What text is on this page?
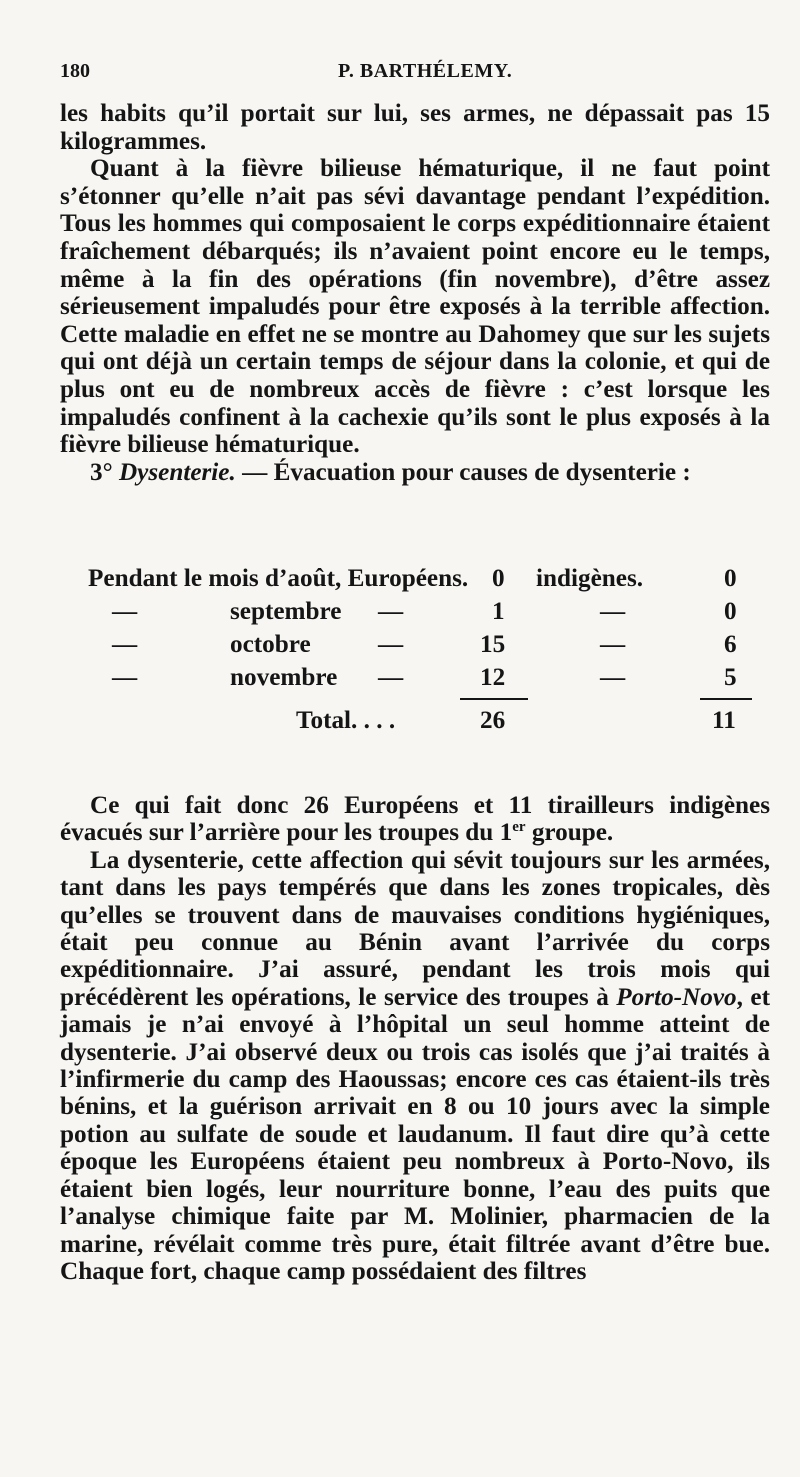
180	P. BARTHÉLEMY.

les habits qu’il portait sur lui, ses armes, ne dépassait pas 15 kilogrammes.

Quant à la fièvre bilieuse hématurique, il ne faut point s’étonner qu’elle n’ait pas sévi davantage pendant l’expédition. Tous les hommes qui composaient le corps expéditionnaire étaient fraîchement débarqués; ils n’avaient point encore eu le temps, même à la fin des opérations (fin novembre), d’être assez sérieusement impaludés pour être exposés à la terrible affection. Cette maladie en effet ne se montre au Dahomey que sur les sujets qui ont déjà un certain temps de séjour dans la colonie, et qui de plus ont eu de nombreux accès de fièvre : c’est lorsque les impaludés confinent à la cachexie qu’ils sont le plus exposés à la fièvre bilieuse hématurique.

3° Dysenterie. — Évacuation pour causes de dysenterie :

Pendant le mois d’août, Européens. 0 indigènes.	0
—	septembre —	1	—	0
—	octobre	—	15	—	6
—	novembre —	12	—	5
Total. . . .	26	11

Ce qui fait donc 26 Européens et 11 tirailleurs indigènes évacués sur l’arrière pour les troupes du 1er groupe.

La dysenterie, cette affection qui sévit toujours sur les armées, tant dans les pays tempérés que dans les zones tropicales, dès qu’elles se trouvent dans de mauvaises conditions hygiéniques, était peu connue au Bénin avant l’arrivée du corps expéditionnaire. J’ai assuré, pendant les trois mois qui précédèrent les opérations, le service des troupes à Porto-Novo, et jamais je n’ai envoyé à l’hôpital un seul homme atteint de dysenterie. J’ai observé deux ou trois cas isolés que j’ai traités à l’infirmerie du camp des Haoussas; encore ces cas étaient-ils très bénins, et la guérison arrivait en 8 ou 10 jours avec la simple potion au sulfate de soude et laudanum. Il faut dire qu’à cette époque les Européens étaient peu nombreux à Porto-Novo, ils étaient bien logés, leur nourriture bonne, l’eau des puits que l’analyse chimique faite par M. Molinier, pharmacien de la marine, révélait comme très pure, était filtrée avant d’être bue. Chaque fort, chaque camp possédaient des filtres
